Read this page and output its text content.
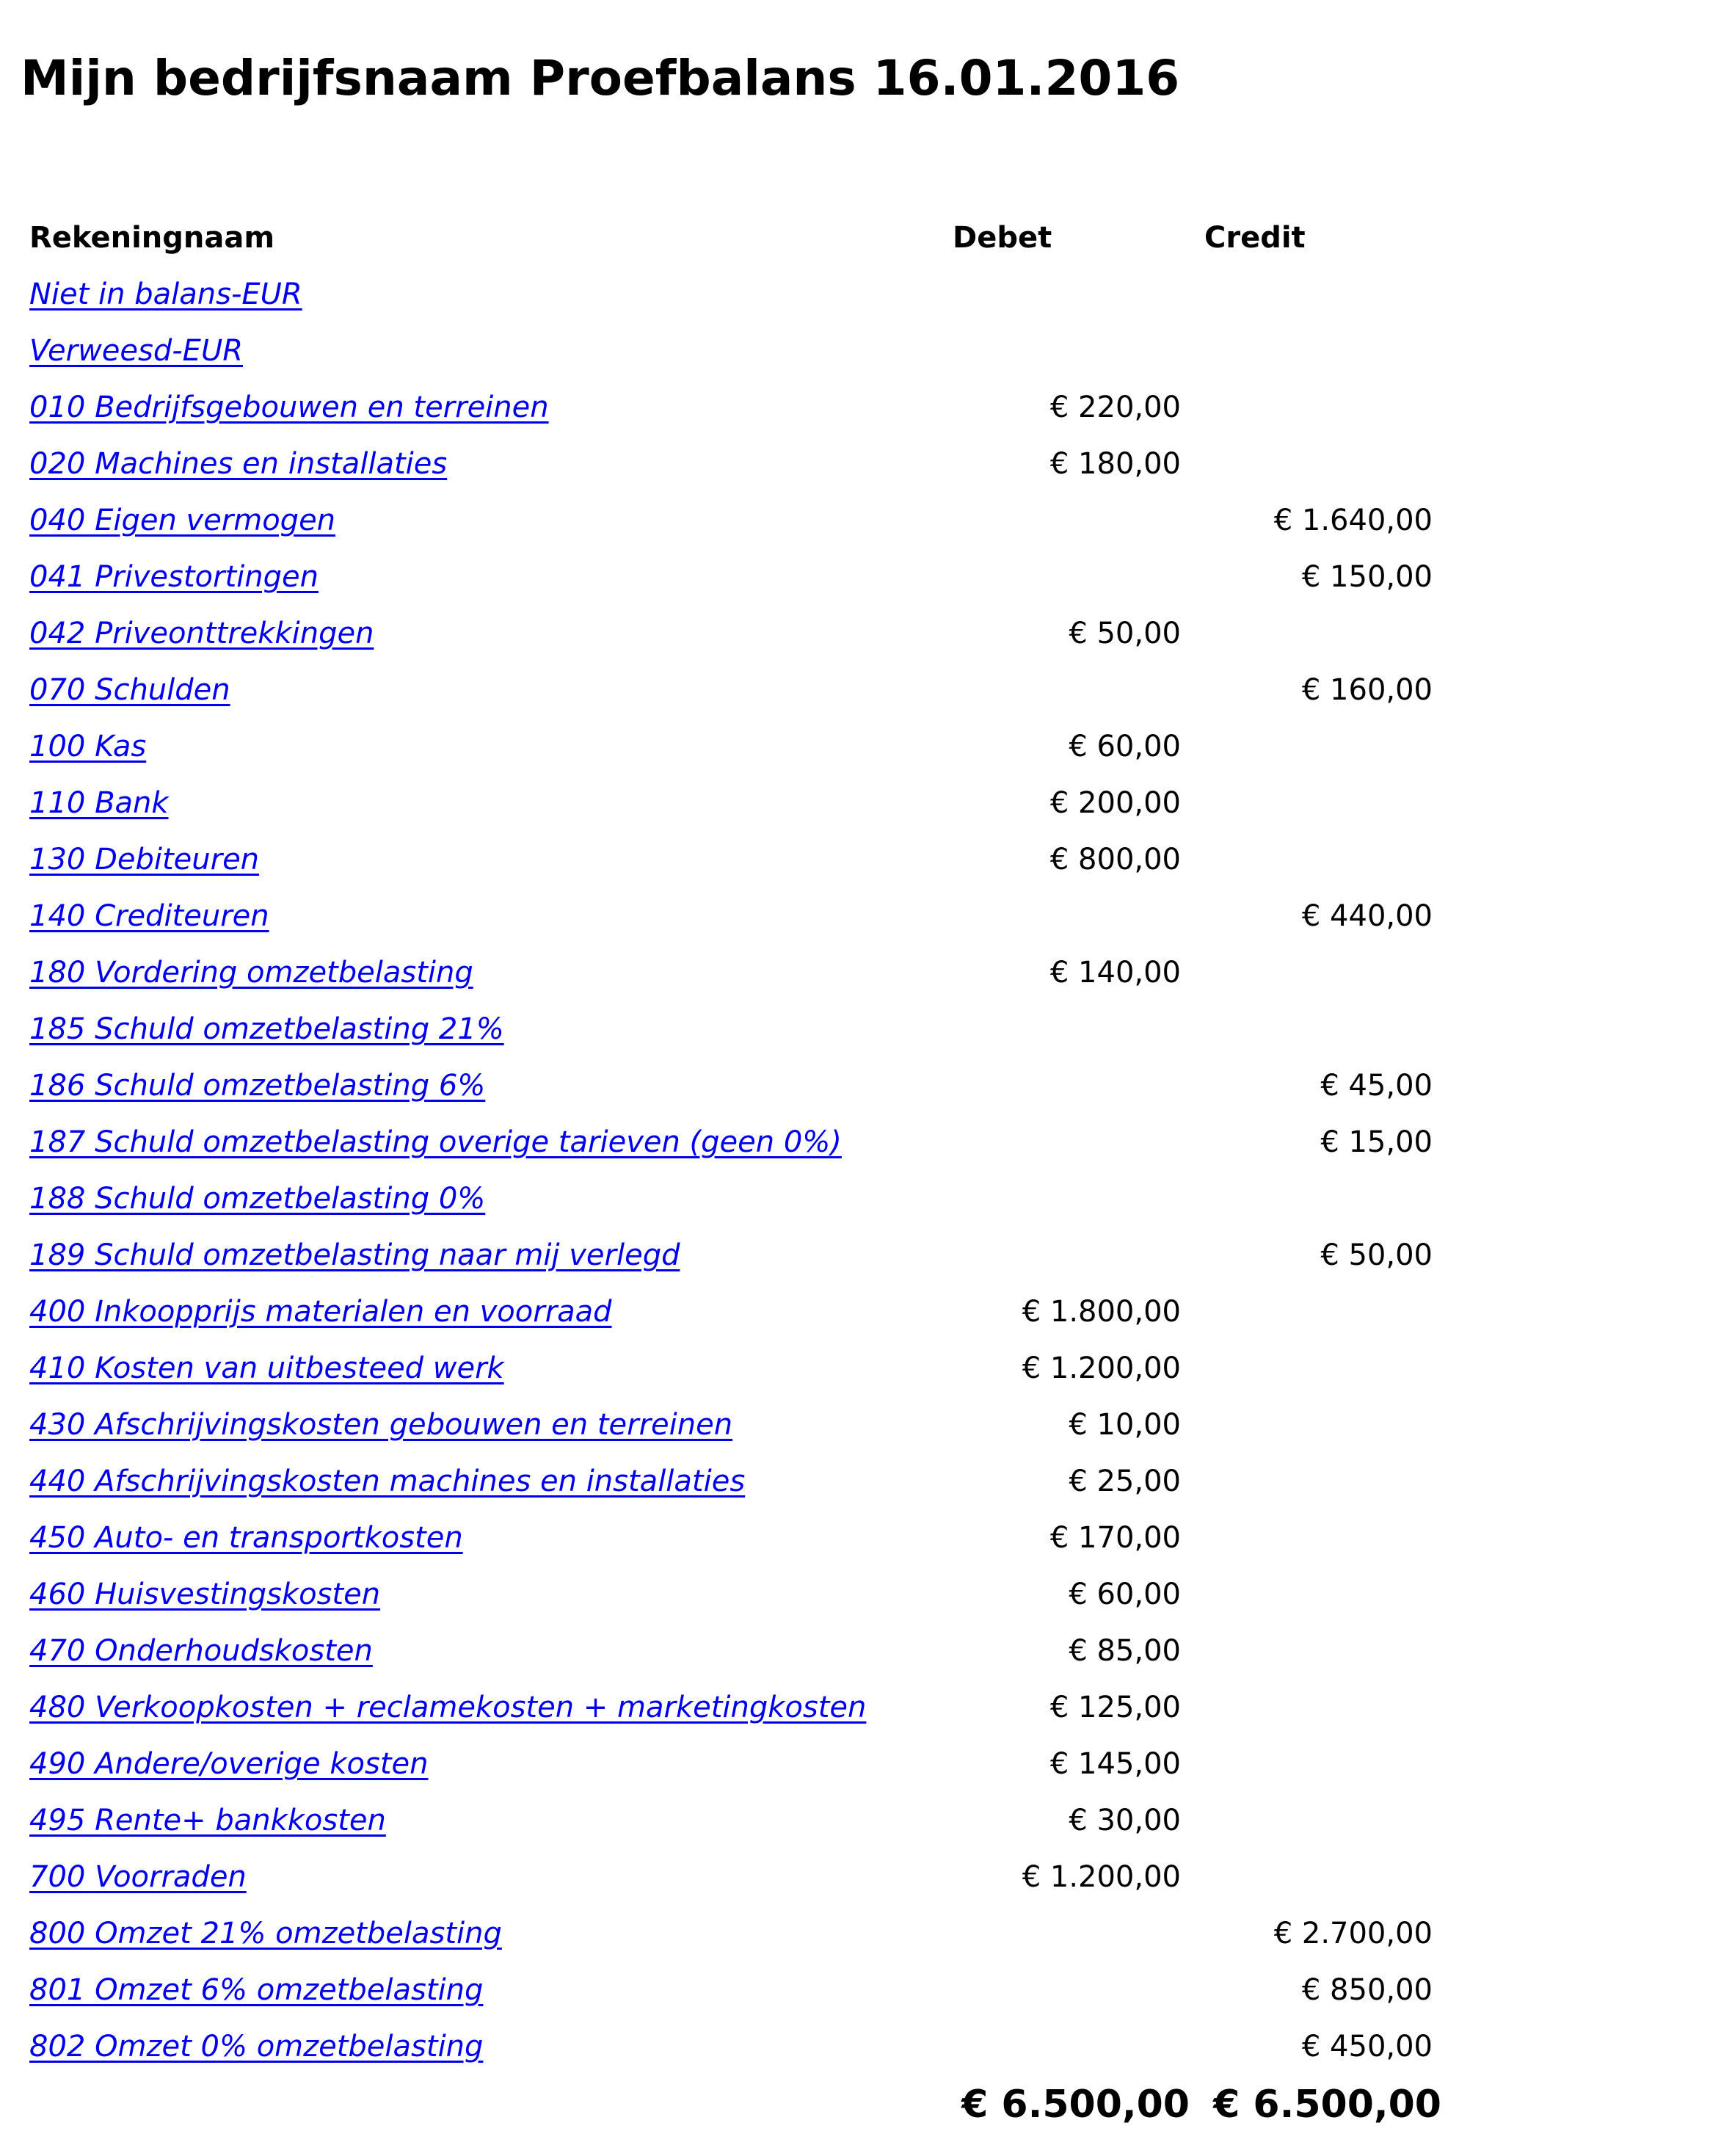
Mijn bedrijfsnaam Proefbalans 16.01.2016
Rekeningnaam	Debet	Credit
Niet in balans-EUR		
Verweesd-EUR		
010 Bedrijfsgebouwen en terreinen	€ 220,00	
020 Machines en installaties	€ 180,00	
040 Eigen vermogen		€ 1.640,00
041 Privestortingen		€ 150,00
042 Priveonttrekkingen	€ 50,00	
070 Schulden		€ 160,00
100 Kas	€ 60,00	
110 Bank	€ 200,00	
130 Debiteuren	€ 800,00	
140 Crediteuren		€ 440,00
180 Vordering omzetbelasting	€ 140,00	
185 Schuld omzetbelasting 21%		
186 Schuld omzetbelasting 6%		€ 45,00
187 Schuld omzetbelasting overige tarieven (geen 0%)		€ 15,00
188 Schuld omzetbelasting 0%		
189 Schuld omzetbelasting naar mij verlegd		€ 50,00
400 Inkoopprijs materialen en voorraad	€ 1.800,00	
410 Kosten van uitbesteed werk	€ 1.200,00	
430 Afschrijvingskosten gebouwen en terreinen	€ 10,00	
440 Afschrijvingskosten machines en installaties	€ 25,00	
450 Auto- en transportkosten	€ 170,00	
460 Huisvestingskosten	€ 60,00	
470 Onderhoudskosten	€ 85,00	
480 Verkoopkosten + reclamekosten + marketingkosten	€ 125,00	
490 Andere/overige kosten	€ 145,00	
495 Rente+ bankkosten	€ 30,00	
700 Voorraden	€ 1.200,00	
800 Omzet 21% omzetbelasting		€ 2.700,00
801 Omzet 6% omzetbelasting		€ 850,00
802 Omzet 0% omzetbelasting		€ 450,00
	€ 6.500,00	€ 6.500,00
